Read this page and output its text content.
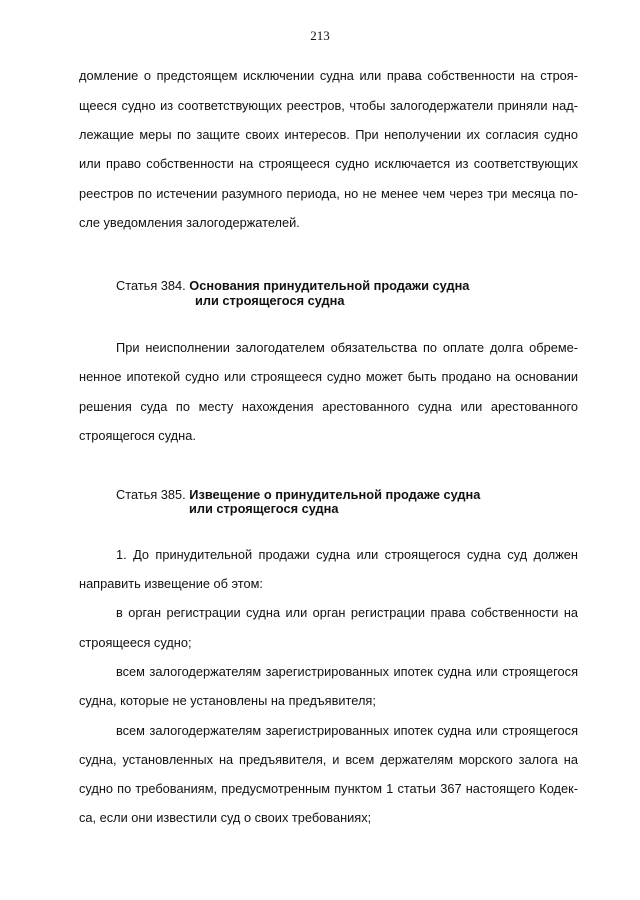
213
домление о предстоящем исключении судна или права собственности на строя-
щееся судно из соответствующих реестров, чтобы залогодержатели приняли над-
лежащие меры по защите своих интересов. При неполучении их согласия судно
или право собственности на строящееся судно исключается из соответствующих
реестров по истечении разумного периода, но не менее чем через три месяца по-
сле уведомления залогодержателей.
Статья 384. Основания принудительной продажи судна
или строящегося судна
При неисполнении залогодателем обязательства по оплате долга обреме-
ненное ипотекой судно или строящееся судно может быть продано на основании
решения суда по месту нахождения арестованного судна или арестованного
строящегося судна.
Статья 385. Извещение о принудительной продаже судна
или строящегося судна
1. До принудительной продажи судна или строящегося судна суд должен
направить извещение об этом:
в орган регистрации судна или орган регистрации права собственности на
строящееся судно;
всем залогодержателям зарегистрированных ипотек судна или строящегося
судна, которые не установлены на предъявителя;
всем залогодержателям зарегистрированных ипотек судна или строящегося
судна, установленных на предъявителя, и всем держателям морского залога на
судно по требованиям, предусмотренным пунктом 1 статьи 367 настоящего Кодек-
са, если они известили суд о своих требованиях;
